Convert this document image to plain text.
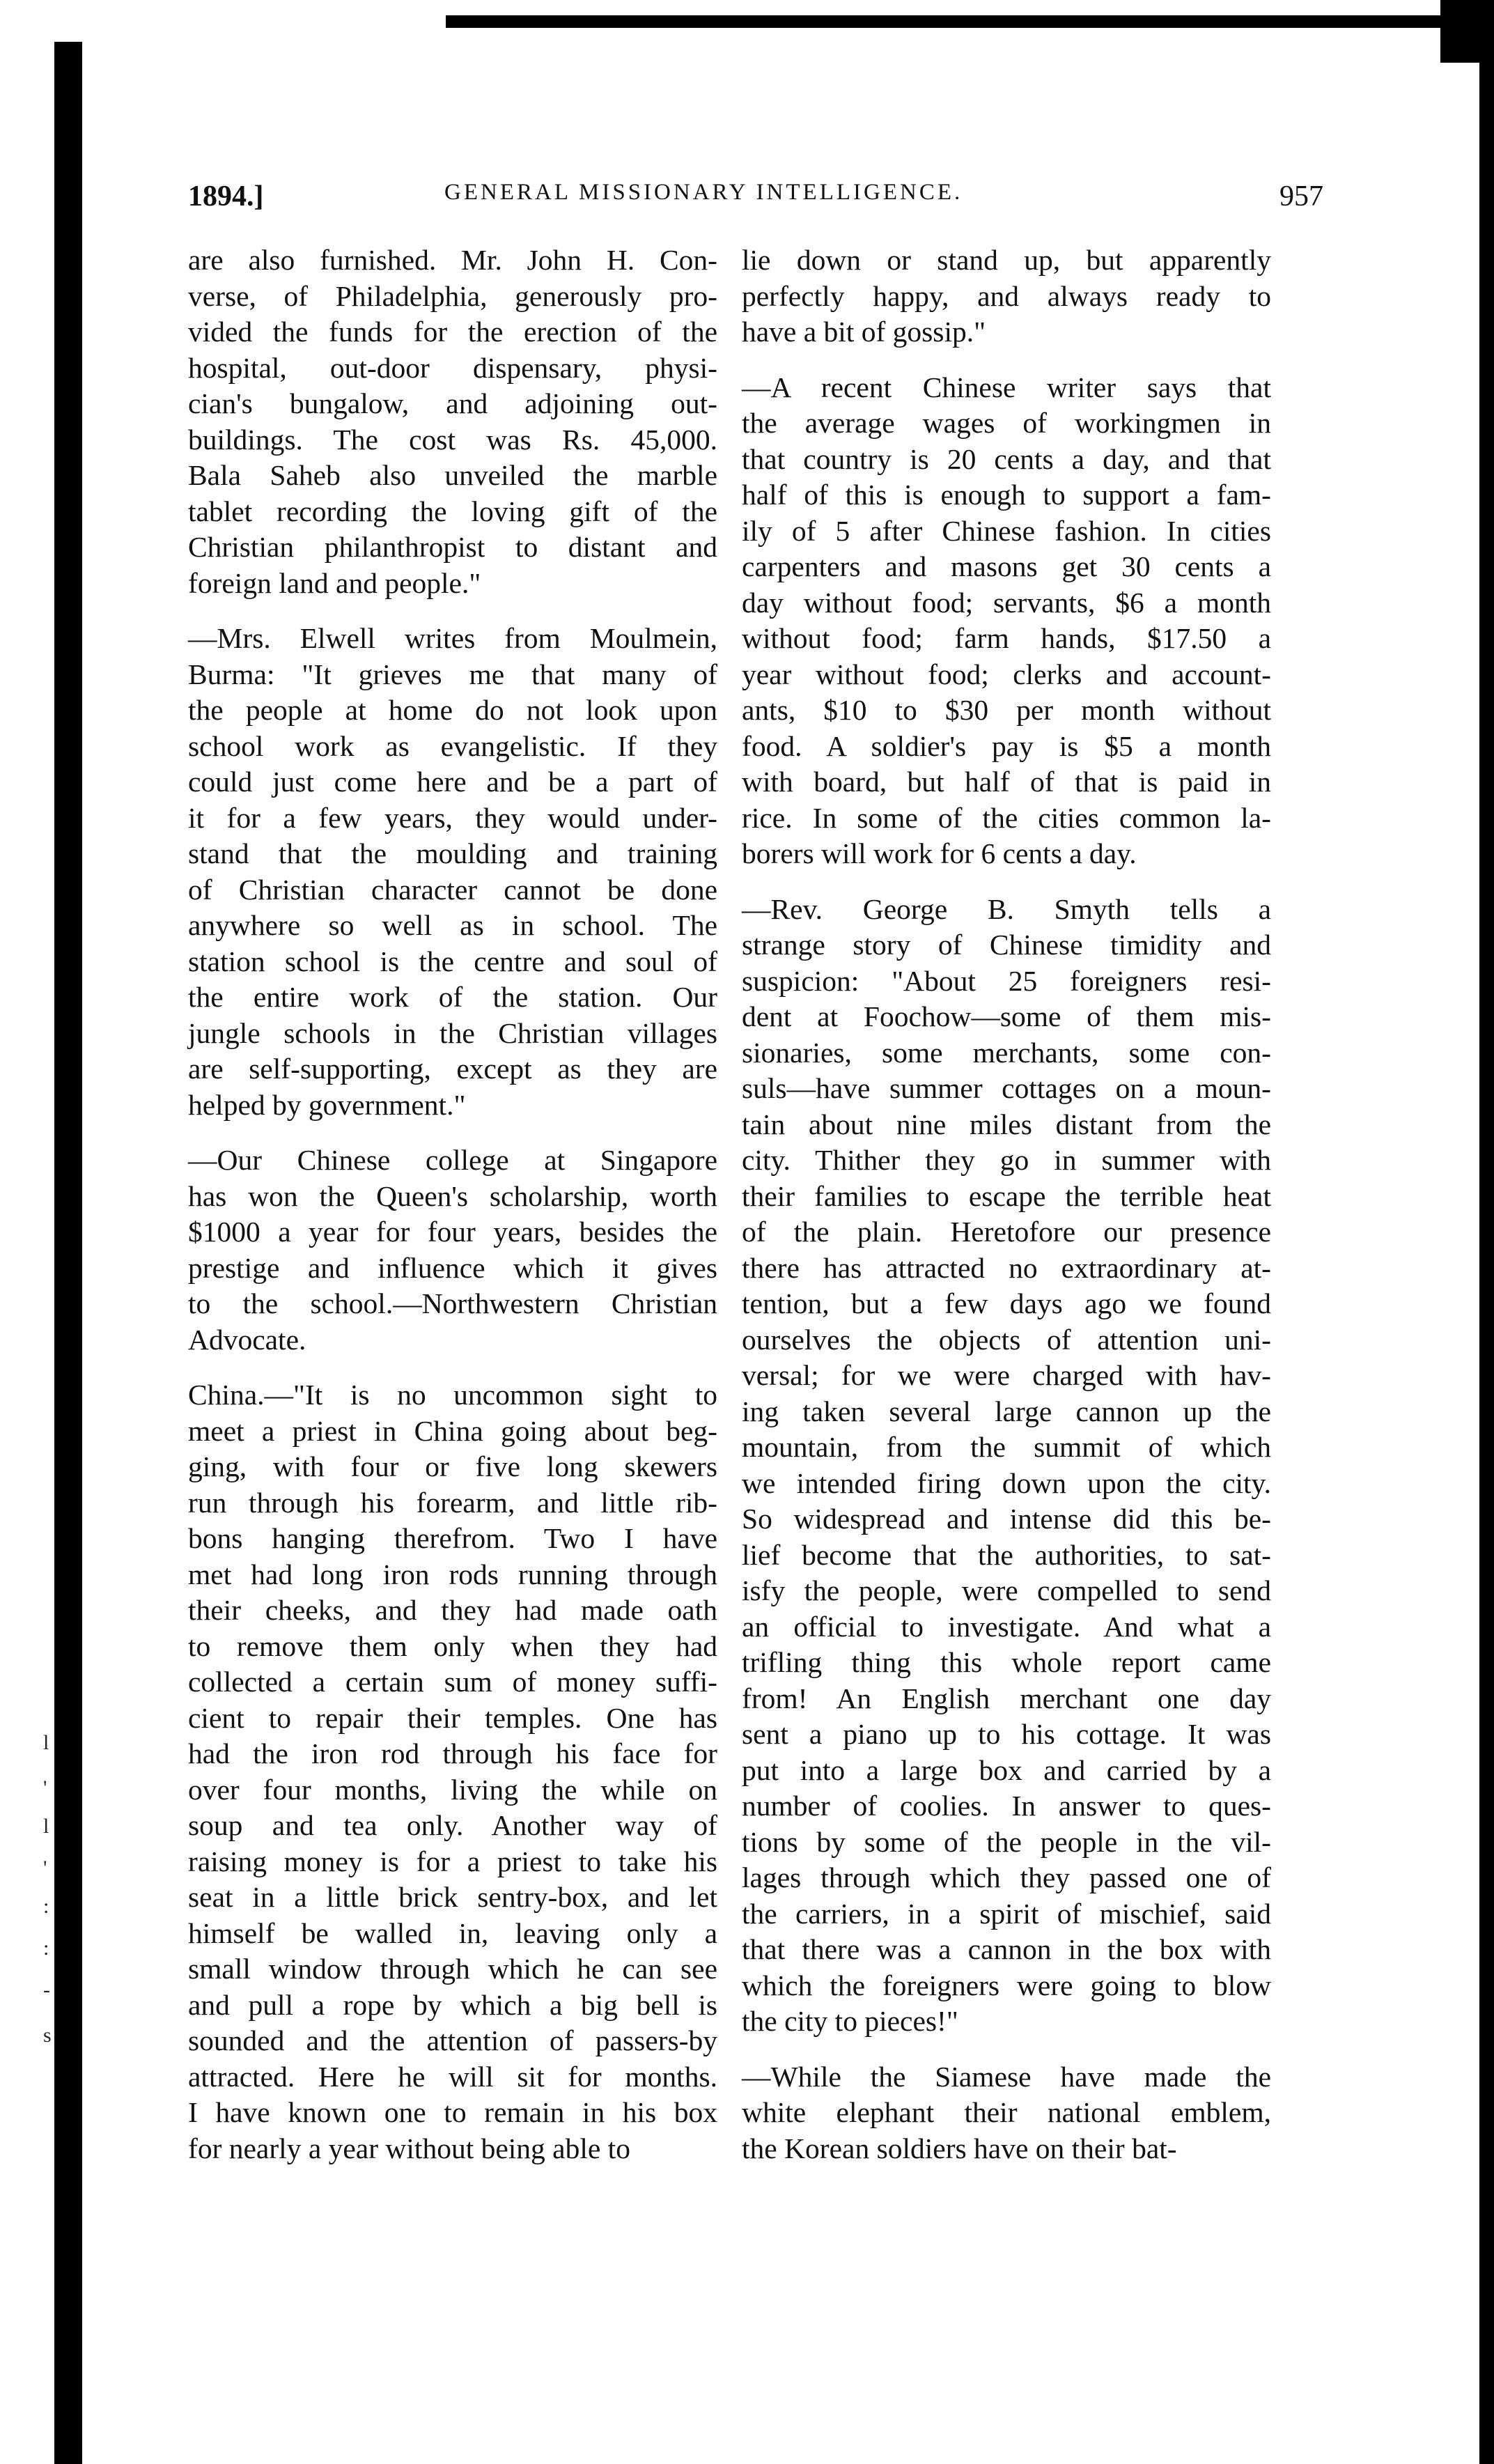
l
'
l
'
:
:
-
s
1894.]	GENERAL MISSIONARY INTELLIGENCE.	957
are also furnished. Mr. John H. Con-
verse, of Philadelphia, generously pro-
vided the funds for the erection of the
hospital, out-door dispensary, physi-
cian's bungalow, and adjoining out-
buildings. The cost was Rs. 45,000.
Bala Saheb also unveiled the marble
tablet recording the loving gift of the
Christian philanthropist to distant and
foreign land and people."
—Mrs. Elwell writes from Moulmein,
Burma: "It grieves me that many of
the people at home do not look upon
school work as evangelistic. If they
could just come here and be a part of
it for a few years, they would under-
stand that the moulding and training
of Christian character cannot be done
anywhere so well as in school. The
station school is the centre and soul of
the entire work of the station. Our
jungle schools in the Christian villages
are self-supporting, except as they are
helped by government."
—Our Chinese college at Singapore
has won the Queen's scholarship, worth
$1000 a year for four years, besides the
prestige and influence which it gives
to the school.—Northwestern Christian
Advocate.
China.—"It is no uncommon sight to
meet a priest in China going about beg-
ging, with four or five long skewers
run through his forearm, and little rib-
bons hanging therefrom. Two I have
met had long iron rods running through
their cheeks, and they had made oath
to remove them only when they had
collected a certain sum of money suffi-
cient to repair their temples. One has
had the iron rod through his face for
over four months, living the while on
soup and tea only. Another way of
raising money is for a priest to take his
seat in a little brick sentry-box, and let
himself be walled in, leaving only a
small window through which he can see
and pull a rope by which a big bell is
sounded and the attention of passers-by
attracted. Here he will sit for months.
I have known one to remain in his box
for nearly a year without being able to
lie down or stand up, but apparently
perfectly happy, and always ready to
have a bit of gossip."
—A recent Chinese writer says that
the average wages of workingmen in
that country is 20 cents a day, and that
half of this is enough to support a fam-
ily of 5 after Chinese fashion. In cities
carpenters and masons get 30 cents a
day without food; servants, $6 a month
without food; farm hands, $17.50 a
year without food; clerks and account-
ants, $10 to $30 per month without
food. A soldier's pay is $5 a month
with board, but half of that is paid in
rice. In some of the cities common la-
borers will work for 6 cents a day.
—Rev. George B. Smyth tells a
strange story of Chinese timidity and
suspicion: "About 25 foreigners resi-
dent at Foochow—some of them mis-
sionaries, some merchants, some con-
suls—have summer cottages on a moun-
tain about nine miles distant from the
city. Thither they go in summer with
their families to escape the terrible heat
of the plain. Heretofore our presence
there has attracted no extraordinary at-
tention, but a few days ago we found
ourselves the objects of attention uni-
versal; for we were charged with hav-
ing taken several large cannon up the
mountain, from the summit of which
we intended firing down upon the city.
So widespread and intense did this be-
lief become that the authorities, to sat-
isfy the people, were compelled to send
an official to investigate. And what a
trifling thing this whole report came
from! An English merchant one day
sent a piano up to his cottage. It was
put into a large box and carried by a
number of coolies. In answer to ques-
tions by some of the people in the vil-
lages through which they passed one of
the carriers, in a spirit of mischief, said
that there was a cannon in the box with
which the foreigners were going to blow
the city to pieces!"
—While the Siamese have made the
white elephant their national emblem,
the Korean soldiers have on their bat-
